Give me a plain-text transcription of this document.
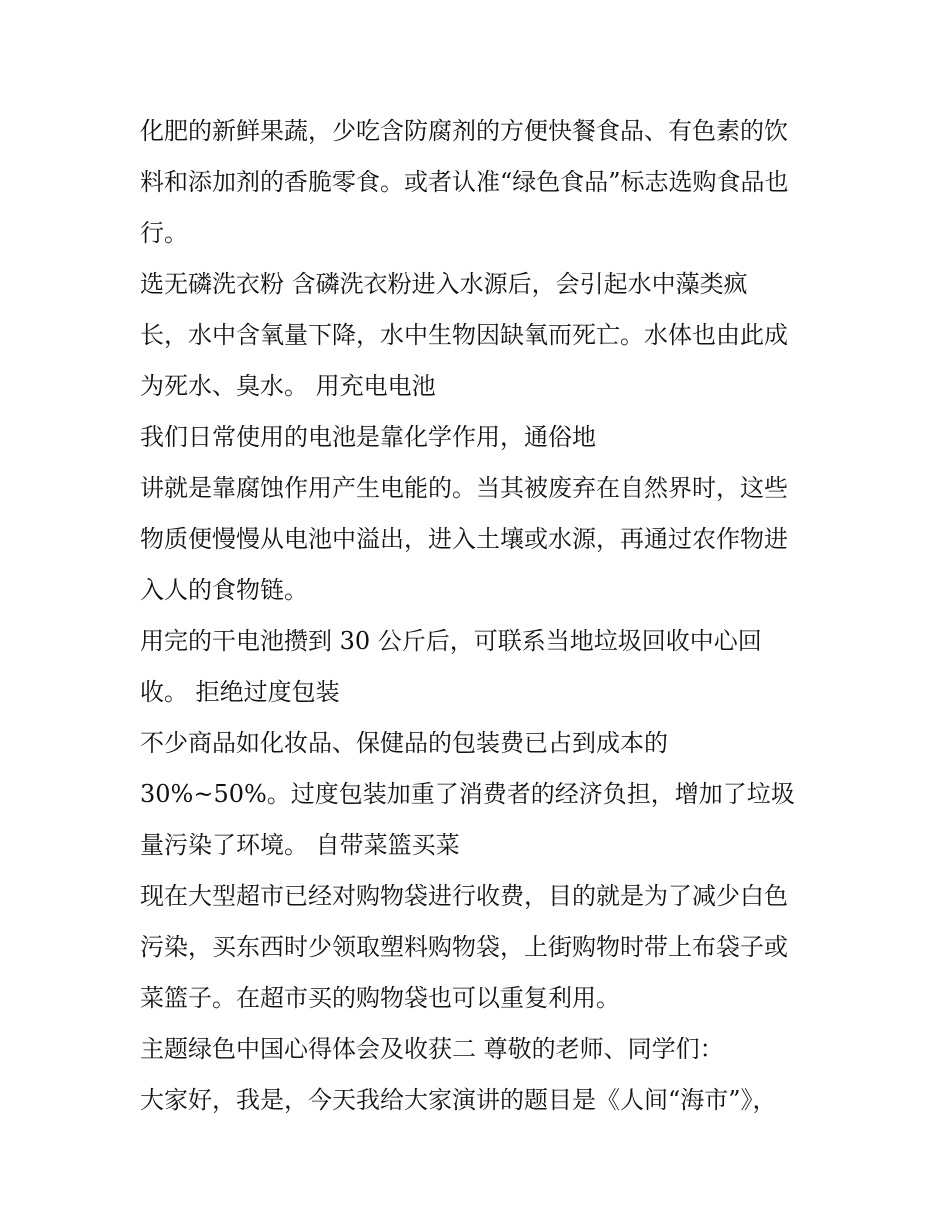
化肥的新鲜果蔬，少吃含防腐剂的方便快餐食品、有色素的饮
料和添加剂的香脆零食。或者认准“绿色食品”标志选购食品也
行。
选无磷洗衣粉 含磷洗衣粉进入水源后，会引起水中藻类疯
长，水中含氧量下降，水中生物因缺氧而死亡。水体也由此成
为死水、臭水。 用充电电池
我们日常使用的电池是靠化学作用，通俗地
讲就是靠腐蚀作用产生电能的。当其被废弃在自然界时，这些
物质便慢慢从电池中溢出，进入土壤或水源，再通过农作物进
入人的食物链。
用完的干电池攒到 30 公斤后，可联系当地垃圾回收中心回
收。 拒绝过度包装
不少商品如化妆品、保健品的包装费已占到成本的
30%~50%。过度包装加重了消费者的经济负担，增加了垃圾
量污染了环境。 自带菜篮买菜
现在大型超市已经对购物袋进行收费，目的就是为了减少白色
污染，买东西时少领取塑料购物袋，上街购物时带上布袋子或
菜篮子。在超市买的购物袋也可以重复利用。
主题绿色中国心得体会及收获二 尊敬的老师、同学们：
大家好，我是，今天我给大家演讲的题目是《人间“海市”》，
